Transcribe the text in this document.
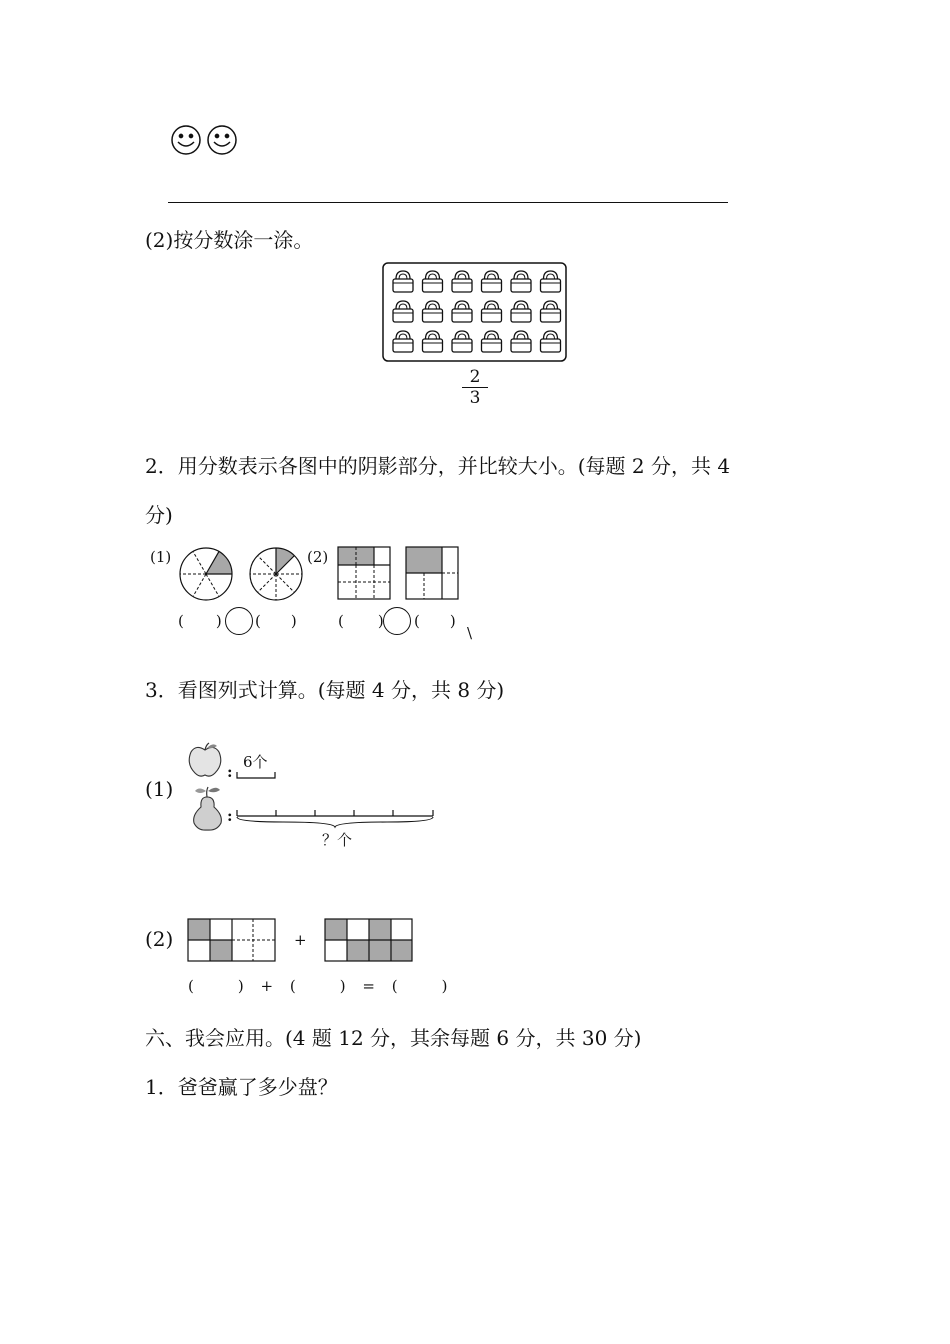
(2)按分数涂一涂。
2
3
2．用分数表示各图中的阴影部分，并比较大小。(每题 2 分，共 4
分)
(1)	(2)
( ) ( )	( ) ( )
\
3．看图列式计算。(每题 4 分，共 8 分)
(1)
:
6个
:
？个
(2)	+
(	) + (	) = (	)
六、我会应用。(4 题 12 分，其余每题 6 分，共 30 分)
1．爸爸赢了多少盘？
